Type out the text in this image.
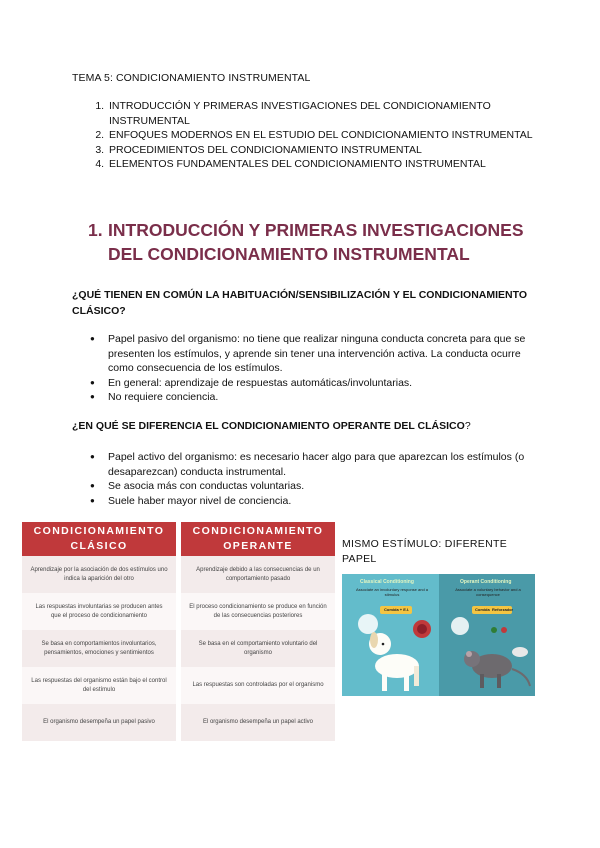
TEMA 5: CONDICIONAMIENTO INSTRUMENTAL
1. INTRODUCCIÓN Y PRIMERAS INVESTIGACIONES DEL CONDICIONAMIENTO INSTRUMENTAL
2. ENFOQUES MODERNOS EN EL ESTUDIO DEL CONDICIONAMIENTO INSTRUMENTAL
3. PROCEDIMIENTOS DEL CONDICIONAMIENTO INSTRUMENTAL
4. ELEMENTOS FUNDAMENTALES DEL CONDICIONAMIENTO INSTRUMENTAL
1. INTRODUCCIÓN Y PRIMERAS INVESTIGACIONES
DEL CONDICIONAMIENTO INSTRUMENTAL
¿QUÉ TIENEN EN COMÚN LA HABITUACIÓN/SENSIBILIZACIÓN Y EL CONDICIONAMIENTO CLÁSICO?
● Papel pasivo del organismo: no tiene que realizar ninguna conducta concreta para que se presenten los estímulos, y aprende sin tener una intervención activa. La conducta ocurre como consecuencia de los estímulos.
● En general: aprendizaje de respuestas automáticas/involuntarias.
● No requiere conciencia.
¿EN QUÉ SE DIFERENCIA EL CONDICIONAMIENTO OPERANTE DEL CLÁSICO?
● Papel activo del organismo: es necesario hacer algo para que aparezcan los estímulos (o desaparezcan) conducta instrumental.
● Se asocia más con conductas voluntarias.
● Suele haber mayor nivel de conciencia.
CONDICIONAMIENTO CLÁSICO
Aprendizaje por la asociación de dos estímulos uno indica la aparición del otro
Las respuestas involuntarias se producen antes que el proceso de condicionamiento
Se basa en comportamientos involuntarios, pensamientos, emociones y sentimientos
Las respuestas del organismo están bajo el control del estímulo
El organismo desempeña un papel pasivo
CONDICIONAMIENTO OPERANTE
Aprendizaje debido a las consecuencias de un comportamiento pasado
El proceso condicionamiento se produce en función de las consecuencias posteriores
Se basa en el comportamiento voluntario del organismo
Las respuestas son controladas por el organismo
El organismo desempeña un papel activo
MISMO ESTÍMULO: DIFERENTE PAPEL
Classical Conditioning
Associate an involuntary response and a stimulus
Comida + E.I.
Operant Conditioning
Associate a voluntary behavior and a consequence
Comida Reforzador
